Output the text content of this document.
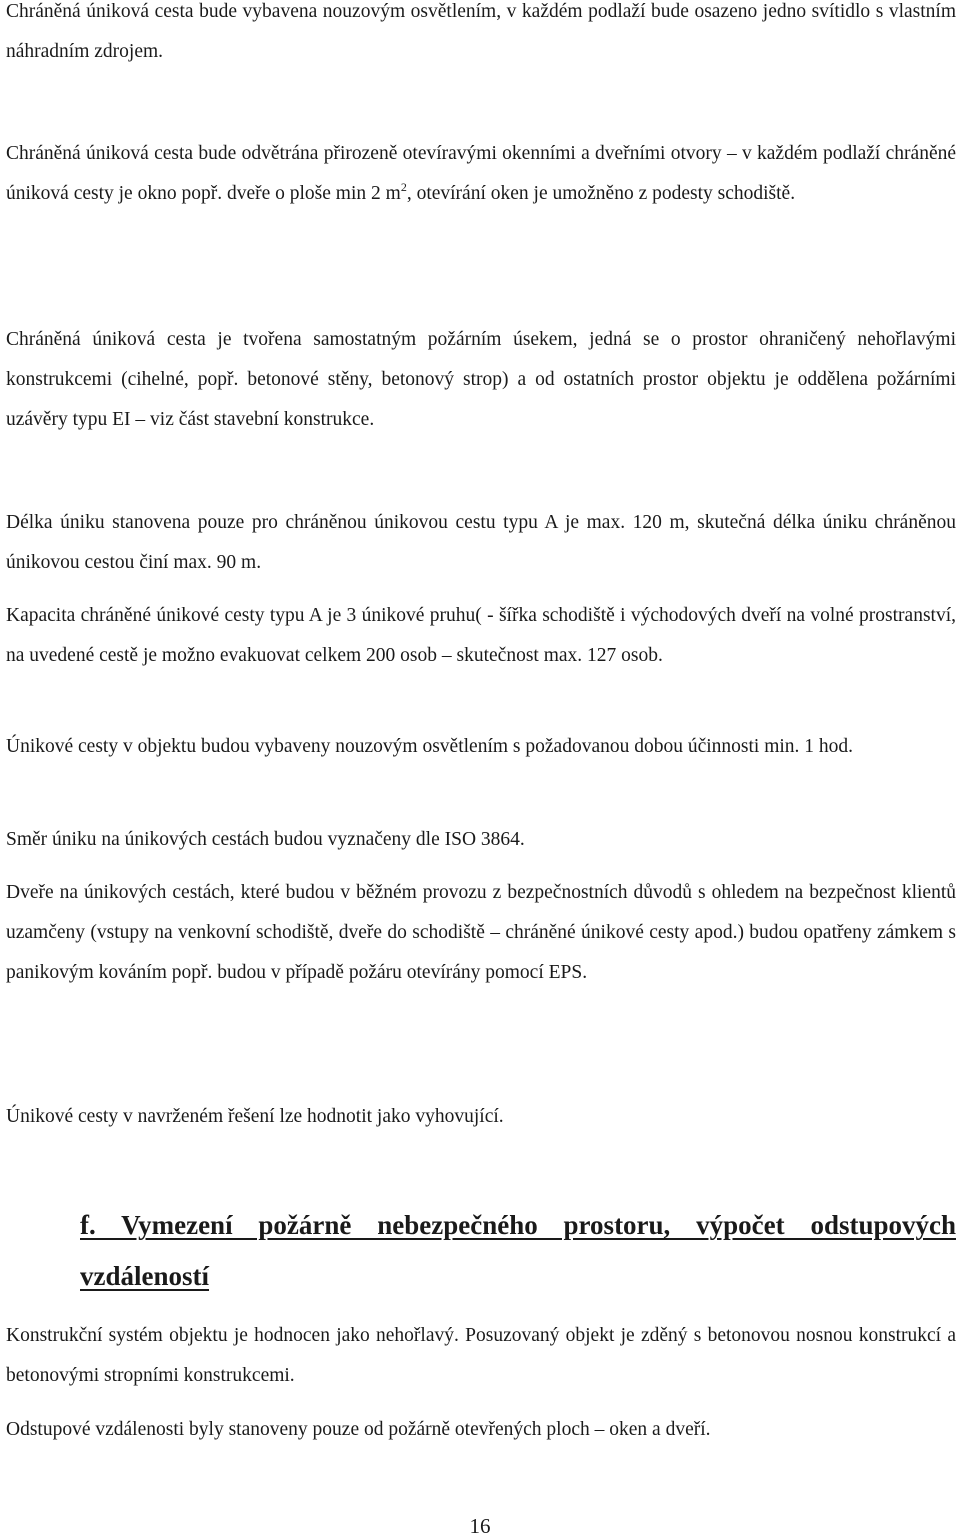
Chráněná úniková cesta bude vybavena nouzovým osvětlením, v každém podlaží bude osazeno jedno svítidlo s vlastním náhradním zdrojem.

Chráněná úniková cesta bude odvětrána přirozeně otevíravými okenními a dveřními otvory – v každém podlaží chráněné úniková cesty je okno popř. dveře o ploše min 2 $m^2$, otevírání oken je umožněno z podesty schodiště.

Chráněná úniková cesta je tvořena samostatným požárním úsekem, jedná se o prostor ohraničený nehořlavými konstrukcemi (cihelné, popř. betonové stěny, betonový strop) a od ostatních prostor objektu je oddělena požárními uzávěry typu EI – viz část stavební konstrukce.

Délka úniku stanovena pouze pro chráněnou únikovou cestu typu A je max. 120 m, skutečná délka úniku chráněnou únikovou cestou činí max. 90 m.

Kapacita chráněné únikové cesty typu A je 3 únikové pruhu( - šířka schodiště i východových dveří na volné prostranství, na uvedené cestě je možno evakuovat celkem 200 osob – skutečnost max. 127 osob.

Únikové cesty v objektu budou vybaveny nouzovým osvětlením s požadovanou dobou účinnosti min. 1 hod.

Směr úniku na únikových cestách budou vyznačeny dle ISO 3864.

Dveře na únikových cestách, které budou v běžném provozu z bezpečnostních důvodů s ohledem na bezpečnost klientů uzamčeny (vstupy na venkovní schodiště, dveře do schodiště – chráněné únikové cesty apod.) budou opatřeny zámkem s panikovým kováním popř. budou v případě požáru otevírány pomocí EPS.

Únikové cesty v navrženém řešení lze hodnotit jako vyhovující.

f. Vymezení požárně nebezpečného prostoru, výpočet odstupových vzdáleností

Konstrukční systém objektu je hodnocen jako nehořlavý. Posuzovaný objekt je zděný s betonovou nosnou konstrukcí a betonovými stropními konstrukcemi.

Odstupové vzdálenosti byly stanoveny pouze od požárně otevřených ploch – oken a dveří.

16
